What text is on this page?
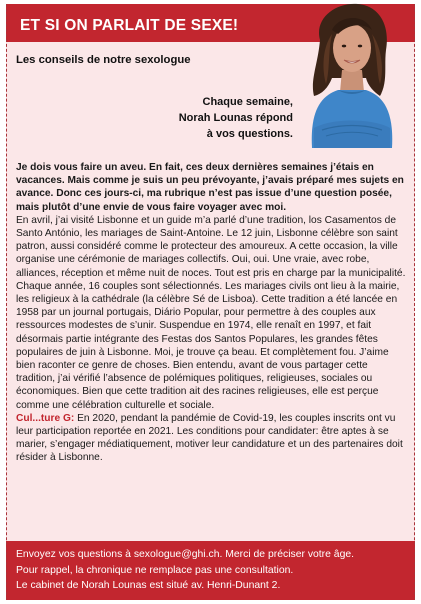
ET SI ON PARLAIT DE SEXE!
Les conseils de notre sexologue
Chaque semaine,
Norah Lounas répond
à vos questions.

Je dois vous faire un aveu. En fait, ces deux dernières semaines j’étais en vacances. Mais comme je suis un peu prévoyante, j’avais préparé mes sujets en avance. Donc ces jours-ci, ma rubrique n’est pas issue d’une question posée, mais plutôt d’une envie de vous faire voyager avec moi.

En avril, j’ai visité Lisbonne et un guide m’a parlé d’une tradition, los Casamentos de Santo António, les mariages de Saint-Antoine. Le 12 juin, Lisbonne célèbre son saint patron, aussi considéré comme le protecteur des amoureux. A cette occasion, la ville organise une cérémonie de mariages collectifs. Oui, oui. Une vraie, avec robe, alliances, réception et même nuit de noces. Tout est pris en charge par la municipalité. Chaque année, 16 couples sont sélectionnés. Les mariages civils ont lieu à la mairie, les religieux à la cathédrale (la célèbre Sé de Lisboa). Cette tradition a été lancée en 1958 par un journal portugais, Diário Popular, pour permettre à des couples aux ressources modestes de s’unir. Suspendue en 1974, elle renaît en 1997, et fait désormais partie intégrante des Festas dos Santos Populares, les grandes fêtes populaires de juin à Lisbonne. Moi, je trouve ça beau. Et complètement fou. J’aime bien raconter ce genre de choses. Bien entendu, avant de vous partager cette tradition, j’ai vérifié l’absence de polémiques politiques, religieuses, sociales ou économiques. Bien que cette tradition ait des racines religieuses, elle est perçue comme une célébration culturelle et sociale.

Cul...ture G: En 2020, pendant la pandémie de Covid-19, les couples inscrits ont vu leur participation reportée en 2021. Les conditions pour candidater: être aptes à se marier, s’engager médiatiquement, motiver leur candidature et un des partenaires doit résider à Lisbonne.

Envoyez vos questions à sexologue@ghi.ch. Merci de préciser votre âge.
Pour rappel, la chronique ne remplace pas une consultation.
Le cabinet de Norah Lounas est situé av. Henri-Dunant 2.
